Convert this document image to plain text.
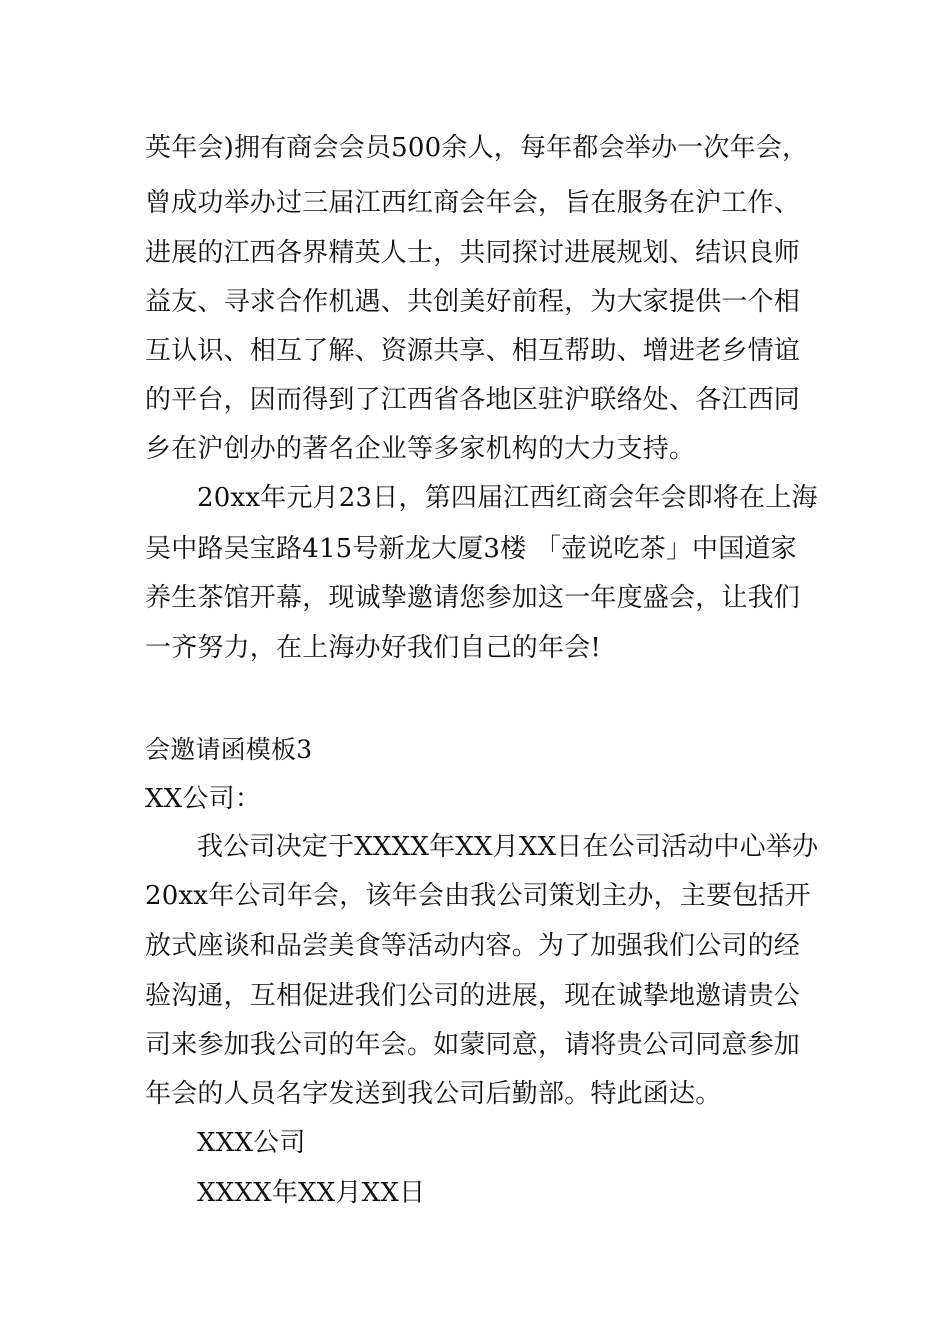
英年会)拥有商会会员500余人，每年都会举办一次年会，
曾成功举办过三届江西红商会年会，旨在服务在沪工作、
进展的江西各界精英人士，共同探讨进展规划、结识良师
益友、寻求合作机遇、共创美好前程，为大家提供一个相
互认识、相互了解、资源共享、相互帮助、增进老乡情谊
的平台，因而得到了江西省各地区驻沪联络处、各江西同
乡在沪创办的著名企业等多家机构的大力支持。
20xx年元月23日，第四届江西红商会年会即将在上海
吴中路吴宝路415号新龙大厦3楼 「壶说吃茶」中国道家
养生茶馆开幕，现诚挚邀请您参加这一年度盛会，让我们
一齐努力，在上海办好我们自己的年会!
会邀请函模板3
XX公司：
我公司决定于XXXX年XX月XX日在公司活动中心举办
20xx年公司年会，该年会由我公司策划主办，主要包括开
放式座谈和品尝美食等活动内容。为了加强我们公司的经
验沟通，互相促进我们公司的进展，现在诚挚地邀请贵公
司来参加我公司的年会。如蒙同意，请将贵公司同意参加
年会的人员名字发送到我公司后勤部。特此函达。
XXX公司
XXXX年XX月XX日
